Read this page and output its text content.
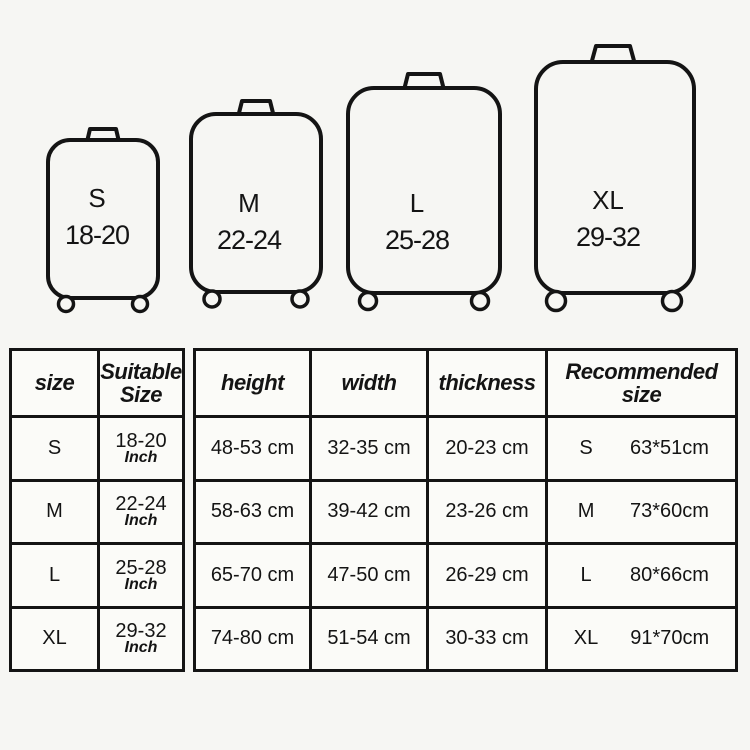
S
18-20
M
22-24
L
25-28
XL
29-32
size	Suitable Size
S	18-20
Inch
M	22-24
Inch
L	25-28
Inch
XL	29-32
Inch
height	width	thickness	Recommended size
48-53 cm	32-35 cm	20-23 cm	S 63*51cm
58-63 cm	39-42 cm	23-26 cm	M 73*60cm
65-70 cm	47-50 cm	26-29 cm	L	80*66cm
74-80 cm	51-54 cm	30-33 cm	XL 91*70cm
